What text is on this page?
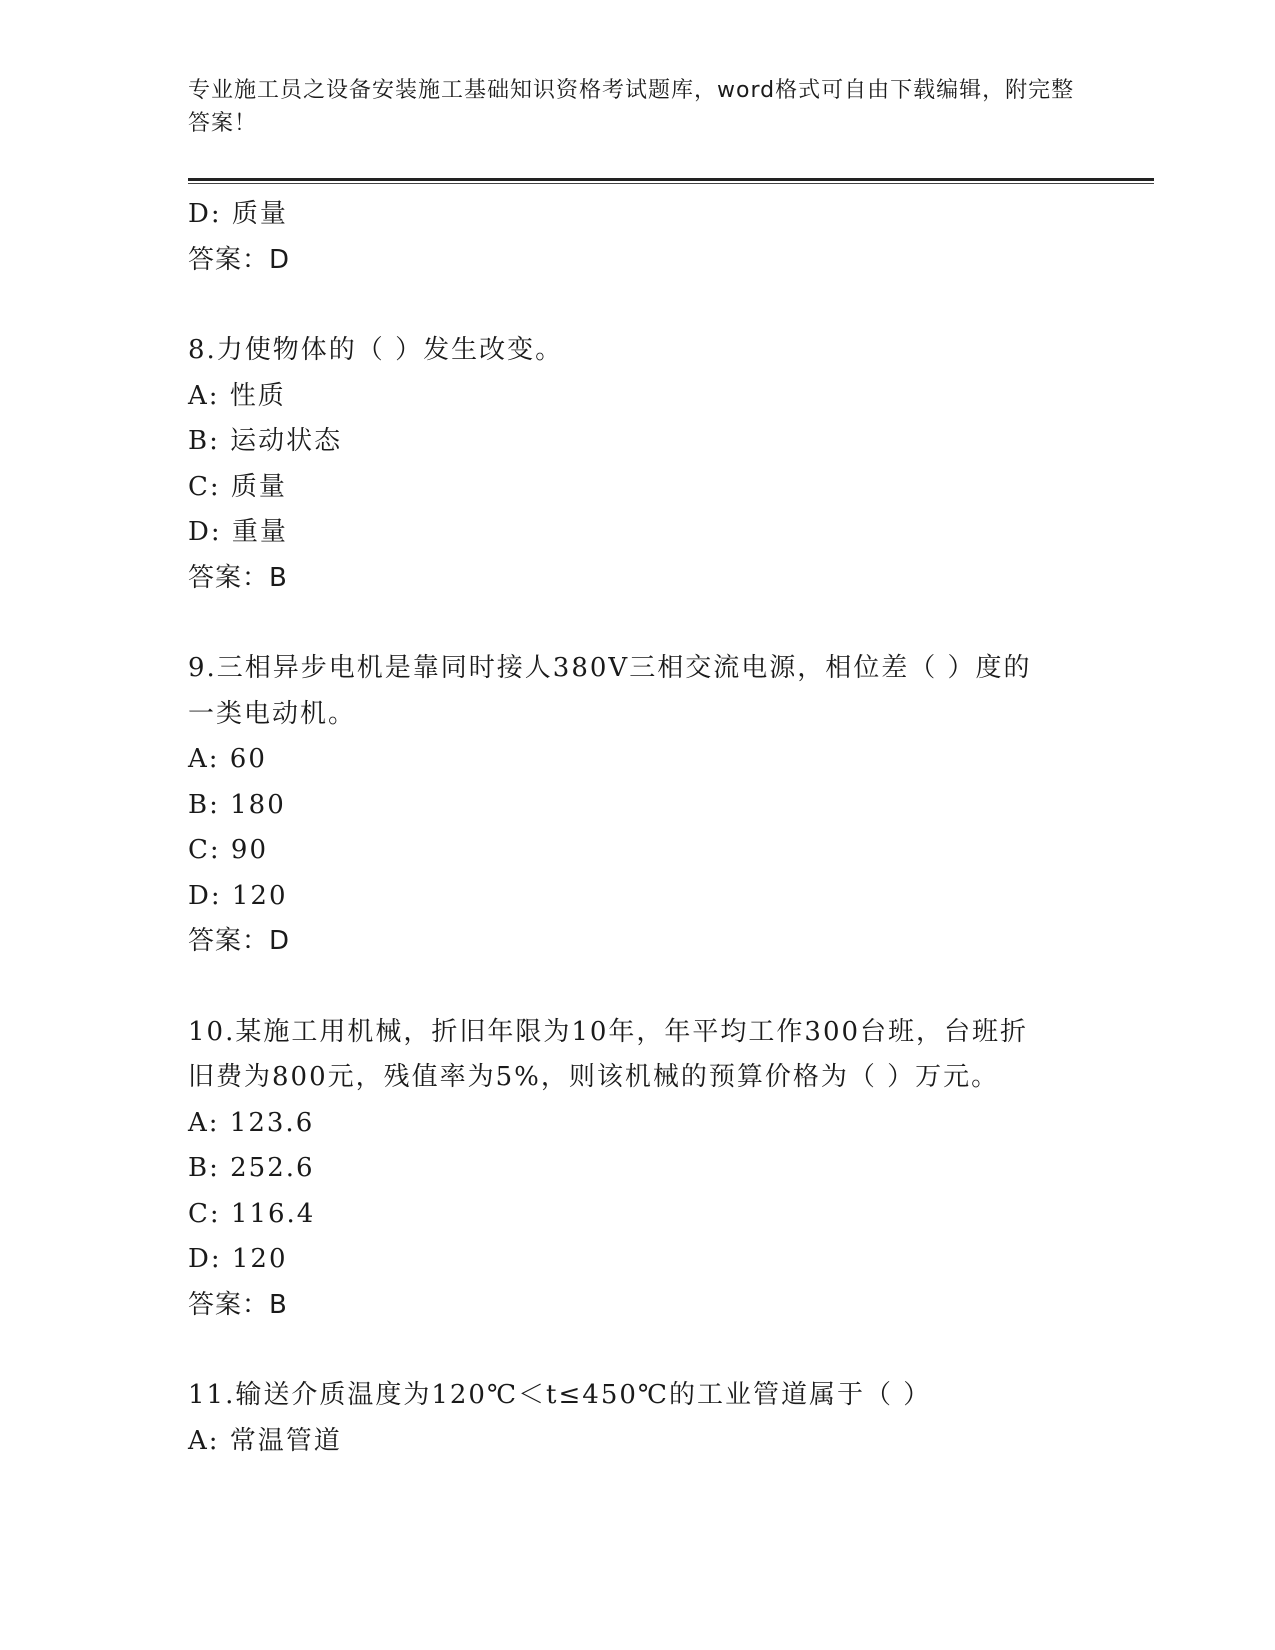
专业施工员之设备安装施工基础知识资格考试题库，word格式可自由下载编辑，附完整答案！
D: 质量
答案：D
8.力使物体的（ ）发生改变。
A: 性质
B: 运动状态
C: 质量
D: 重量
答案：B
9.三相异步电机是靠同时接人380V三相交流电源，相位差（ ）度的一类电动机。
A: 60
B: 180
C: 90
D: 120
答案：D
10.某施工用机械，折旧年限为10年，年平均工作300台班，台班折旧费为800元，残值率为5%，则该机械的预算价格为（ ）万元。
A: 123.6
B: 252.6
C: 116.4
D: 120
答案：B
11.输送介质温度为120℃＜t≤450℃的工业管道属于（ ）
A: 常温管道
